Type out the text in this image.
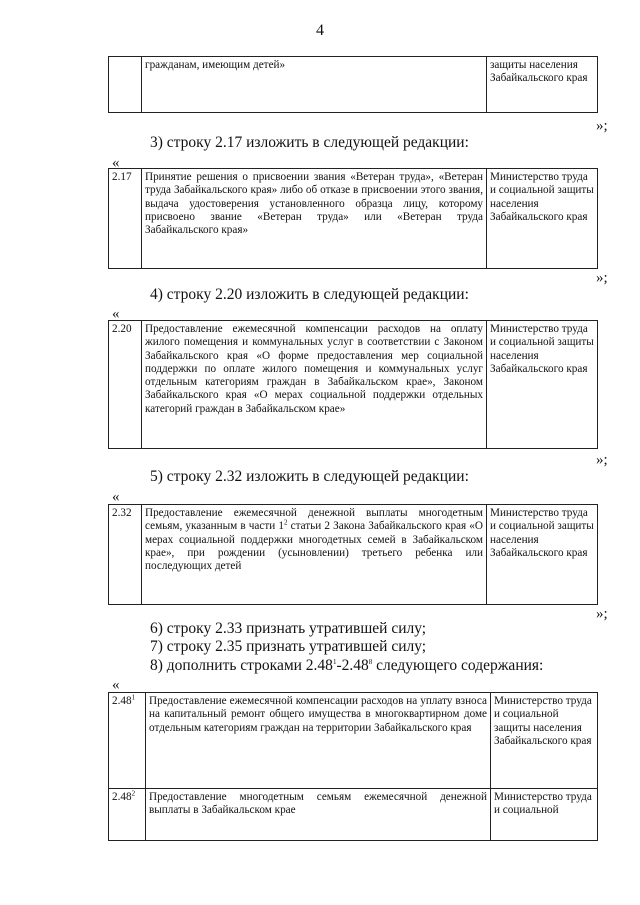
4
	гражданам, имеющим детей»	защиты населения Забайкальского края
»;
3) строку 2.17 изложить в следующей редакции:
«
2.17	Принятие решения о присвоении звания «Ветеран труда», «Ветеран труда Забайкальского края» либо об отказе в присвоении этого звания, выдача удостоверения установленного образца лицу, которому присвоено звание «Ветеран труда» или «Ветеран труда Забайкальского края»	Министерство труда и социальной защиты населения Забайкальского края
»;
4) строку 2.20 изложить в следующей редакции:
«
2.20	Предоставление ежемесячной компенсации расходов на оплату жилого помещения и коммунальных услуг в соответствии с Законом Забайкальского края «О форме предоставления мер социальной поддержки по оплате жилого помещения и коммунальных услуг отдельным категориям граждан в Забайкальском крае», Законом Забайкальского края «О мерах социальной поддержки отдельных категорий граждан в Забайкальском крае»	Министерство труда и социальной защиты населения Забайкальского края
»;
5) строку 2.32 изложить в следующей редакции:
«
2.32	Предоставление ежемесячной денежной выплаты многодетным семьям, указанным в части $1^2$ статьи 2 Закона Забайкальского края «О мерах социальной поддержки многодетных семей в Забайкальском крае», при рождении (усыновлении) третьего ребенка или последующих детей	Министерство труда и социальной защиты населения Забайкальского края
»;
6) строку 2.33 признать утратившей силу;
7) строку 2.35 признать утратившей силу;
8) дополнить строками 2.48$^1$-2.48$^8$ следующего содержания:
«
2.48$^1$	Предоставление ежемесячной компенсации расходов на уплату взноса на капитальный ремонт общего имущества в многоквартирном доме отдельным категориям граждан на территории Забайкальского края	Министерство труда и социальной защиты населения Забайкальского края
2.48$^2$	Предоставление многодетным семьям ежемесячной денежной выплаты в Забайкальском крае	Министерство труда и социальной
